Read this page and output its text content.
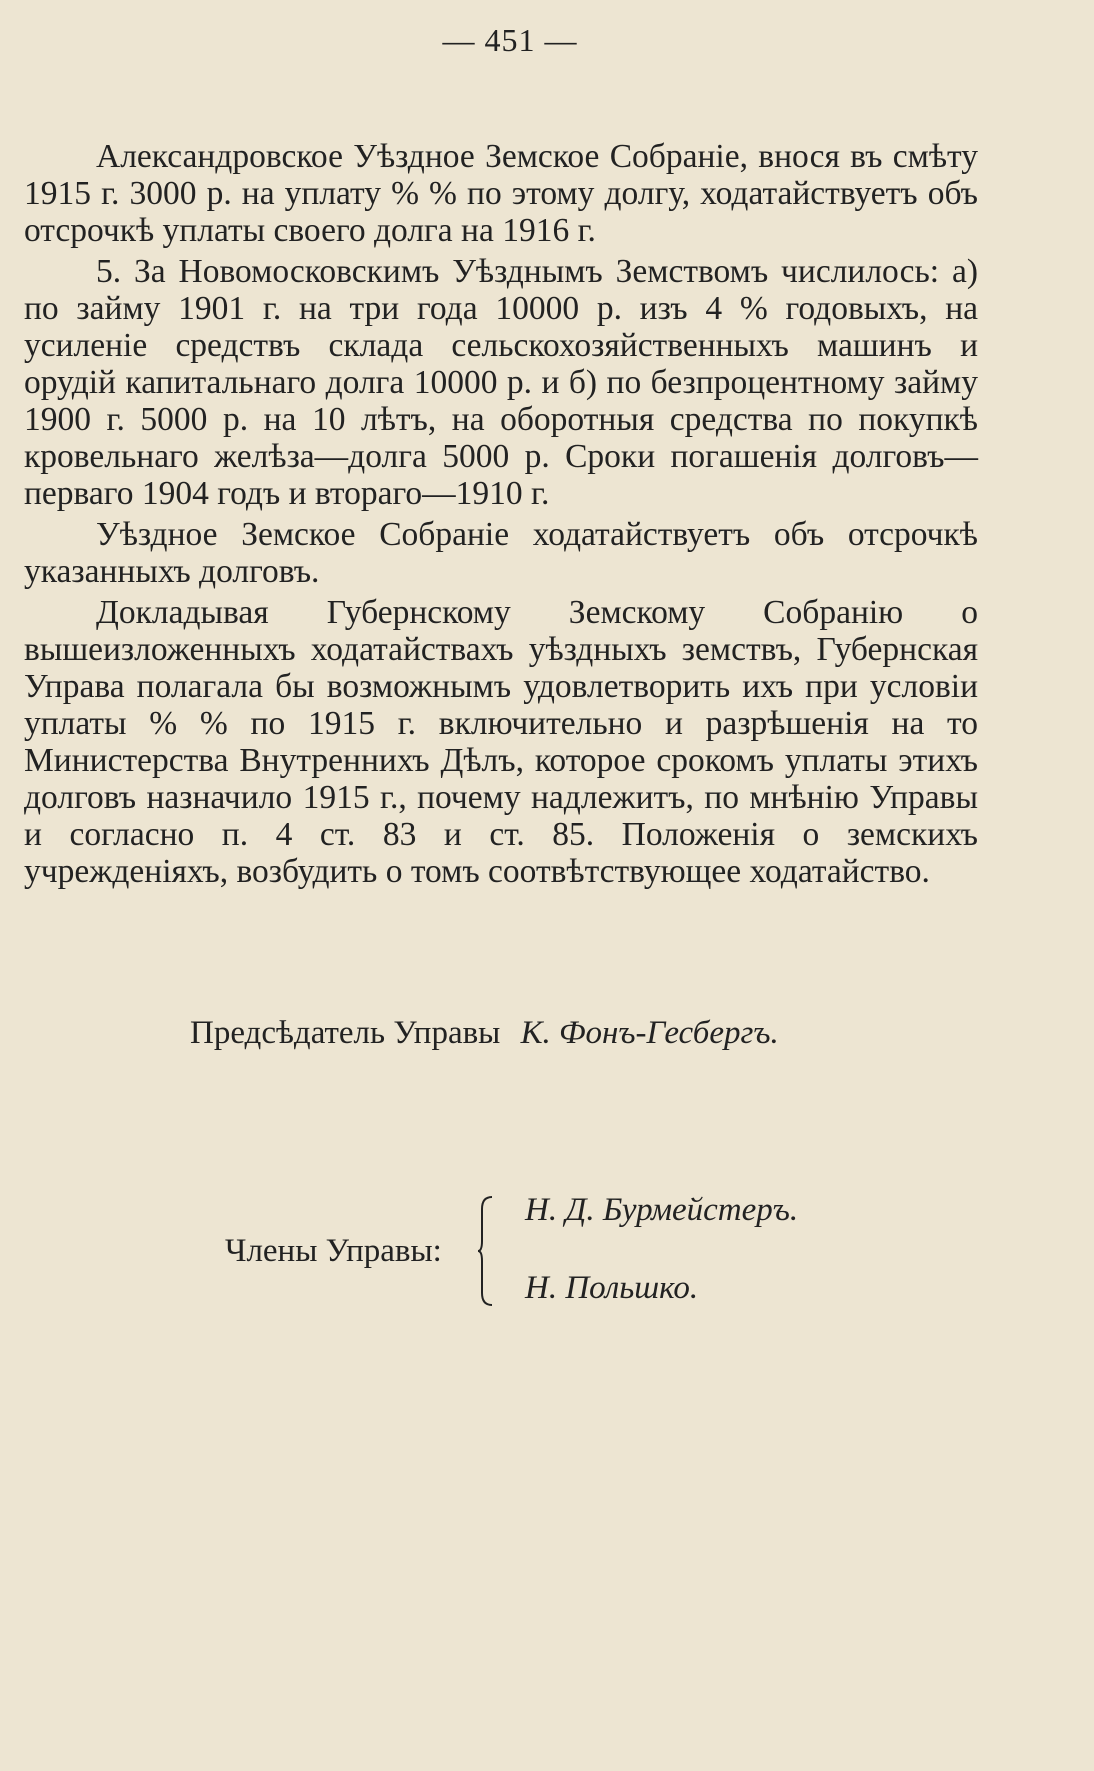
— 451 —

Александровское Уѣздное Земское Собраніе, внося въ смѣту 1915 г. 3000 р. на уплату % % по этому долгу, ходатайствуетъ объ отсрочкѣ уплаты своего долга на 1916 г.

5. За Новомосковскимъ Уѣзднымъ Земствомъ числилось: а) по займу 1901 г. на три года 10000 р. изъ 4 % годовыхъ, на усиленіе средствъ склада сельскохозяйственныхъ машинъ и орудій капитальнаго долга 10000 р. и б) по безпроцентному займу 1900 г. 5000 р. на 10 лѣтъ, на оборотныя средства по покупкѣ кровельнаго желѣза—долга 5000 р. Сроки погашенія долговъ—перваго 1904 годъ и втораго—1910 г.

Уѣздное Земское Собраніе ходатайствуетъ объ отсрочкѣ указанныхъ долговъ.

Докладывая Губернскому Земскому Собранію о вышеизложенныхъ ходатайствахъ уѣздныхъ земствъ, Губернская Управа полагала бы возможнымъ удовлетворить ихъ при условіи уплаты % % по 1915 г. включительно и разрѣшенія на то Министерства Внутреннихъ Дѣлъ, которое срокомъ уплаты этихъ долговъ назначило 1915 г., почему надлежитъ, по мнѣнію Управы и согласно п. 4 ст. 83 и ст. 85. Положенія о земскихъ учрежденіяхъ, возбудить о томъ соотвѣтствующее ходатайство.

Предсѣдатель Управы К. Фонъ-Гесбергъ.
Члены Управы:
Н. Д. Бурмейстеръ.
Н. Польшко.
